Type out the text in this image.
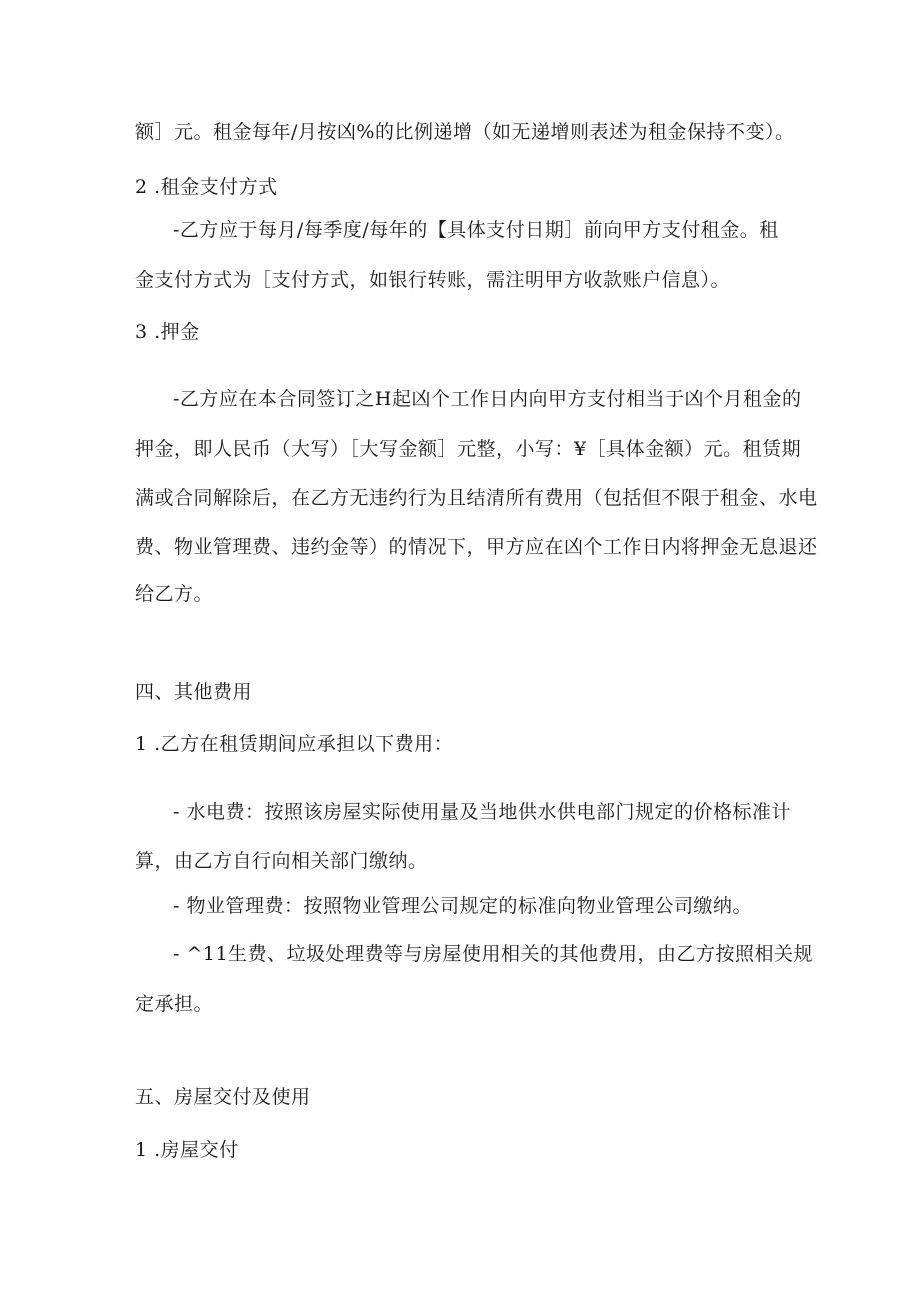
额］元。租金每年/月按凶%的比例递增（如无递增则表述为租金保持不变）。
2 .租金支付方式
-乙方应于每月/每季度/每年的【具体支付日期］前向甲方支付租金。租
金支付方式为［支付方式，如银行转账，需注明甲方收款账户信息）。
3 .押金
-乙方应在本合同签订之H起凶个工作日内向甲方支付相当于凶个月租金的
押金，即人民币（大写）［大写金额］元整，小写：¥［具体金额）元。租赁期
满或合同解除后，在乙方无违约行为且结清所有费用（包括但不限于租金、水电
费、物业管理费、违约金等）的情况下，甲方应在凶个工作日内将押金无息退还
给乙方。
四、其他费用
1 .乙方在租赁期间应承担以下费用：
- 水电费：按照该房屋实际使用量及当地供水供电部门规定的价格标准计
算，由乙方自行向相关部门缴纳。
- 物业管理费：按照物业管理公司规定的标准向物业管理公司缴纳。
- ^11生费、垃圾处理费等与房屋使用相关的其他费用，由乙方按照相关规
定承担。
五、房屋交付及使用
1 .房屋交付
